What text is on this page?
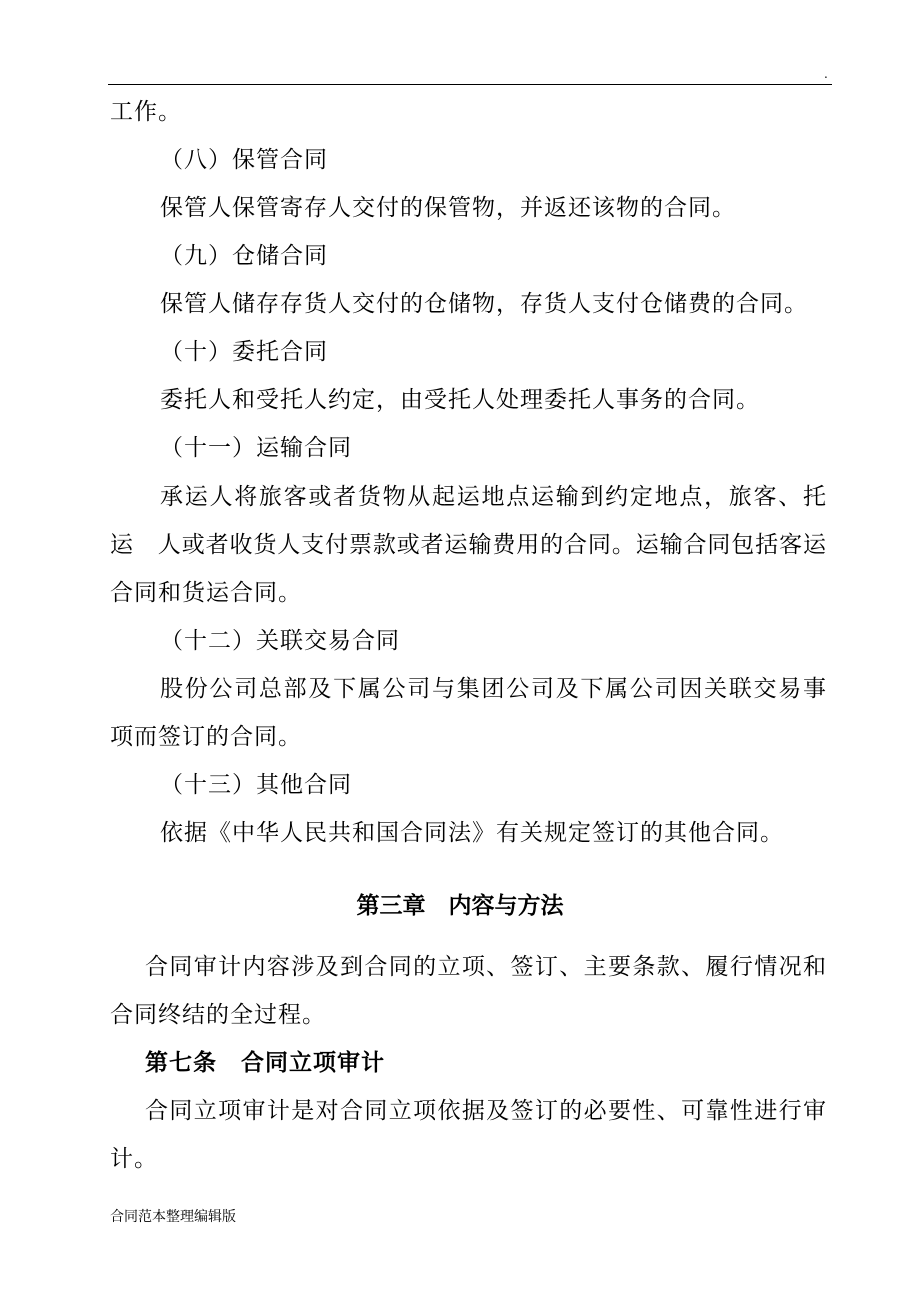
.
工作。
（八）保管合同
保管人保管寄存人交付的保管物，并返还该物的合同。
（九）仓储合同
保管人储存存货人交付的仓储物，存货人支付仓储费的合同。
（十）委托合同
委托人和受托人约定，由受托人处理委托人事务的合同。
（十一）运输合同
承运人将旅客或者货物从起运地点运输到约定地点，旅客、托
运　人或者收货人支付票款或者运输费用的合同。运输合同包括客运
合同和货运合同。
（十二）关联交易合同
股份公司总部及下属公司与集团公司及下属公司因关联交易事
项而签订的合同。
（十三）其他合同
依据《中华人民共和国合同法》有关规定签订的其他合同。
第三章　内容与方法
合同审计内容涉及到合同的立项、签订、主要条款、履行情况和
合同终结的全过程。
第七条　合同立项审计
合同立项审计是对合同立项依据及签订的必要性、可靠性进行审
计。
合同范本整理编辑版
